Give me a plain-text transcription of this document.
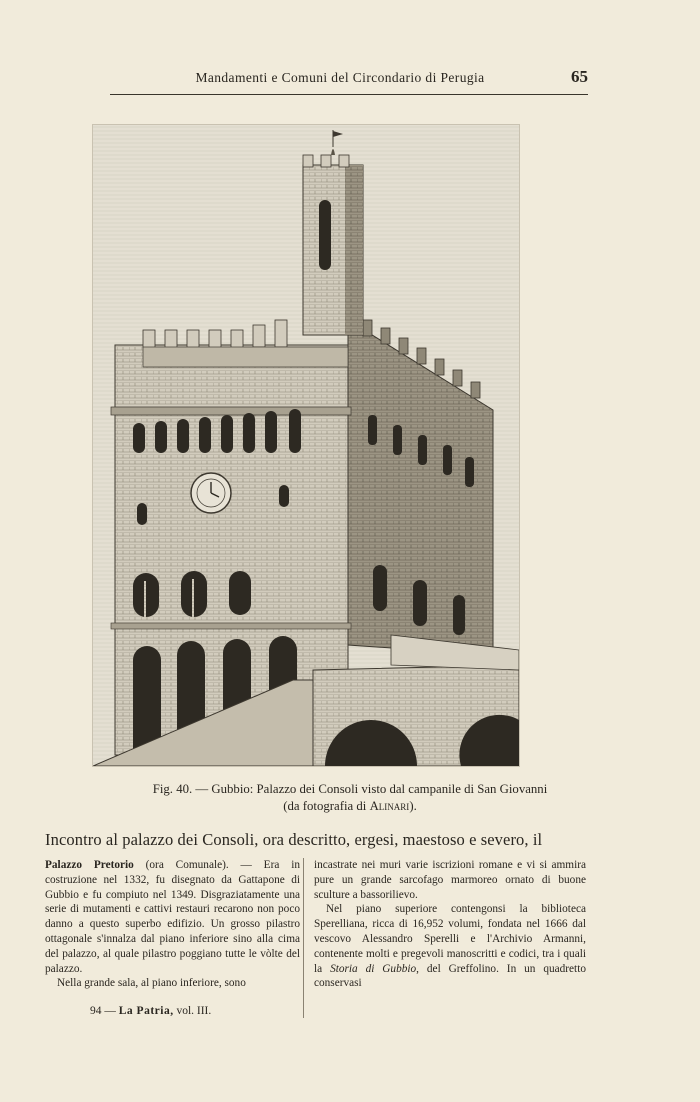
Mandamenti e Comuni del Circondario di Perugia	65
Fig. 40. — Gubbio: Palazzo dei Consoli visto dal campanile di San Giovanni
(da fotografia di Alinari).
Incontro al palazzo dei Consoli, ora descritto, ergesi, maestoso e severo, il

Palazzo Pretorio (ora Comunale). — Era in costruzione nel 1332, fu disegnato da Gattapone di Gubbio e fu compiuto nel 1349. Disgraziatamente una serie di mutamenti e cattivi restauri recarono non poco danno a questo superbo edifizio. Un grosso pilastro ottagonale s'innalza dal piano inferiore sino alla cima del palazzo, al quale pilastro poggiano tutte le vòlte del palazzo.

Nella grande sala, al piano inferiore, sono

incastrate nei muri varie iscrizioni romane e vi si ammira pure un grande sarcofago marmoreo ornato di buone sculture a bassorilievo.

Nel piano superiore contengonsi la biblioteca Sperelliana, ricca di 16,952 volumi, fondata nel 1666 dal vescovo Alessandro Sperelli e l'Archivio Armanni, contenente molti e pregevoli manoscritti e codici, tra i quali la Storia di Gubbio, del Greffolino. In un quadretto conservasi

94 — La Patria, vol. III.
